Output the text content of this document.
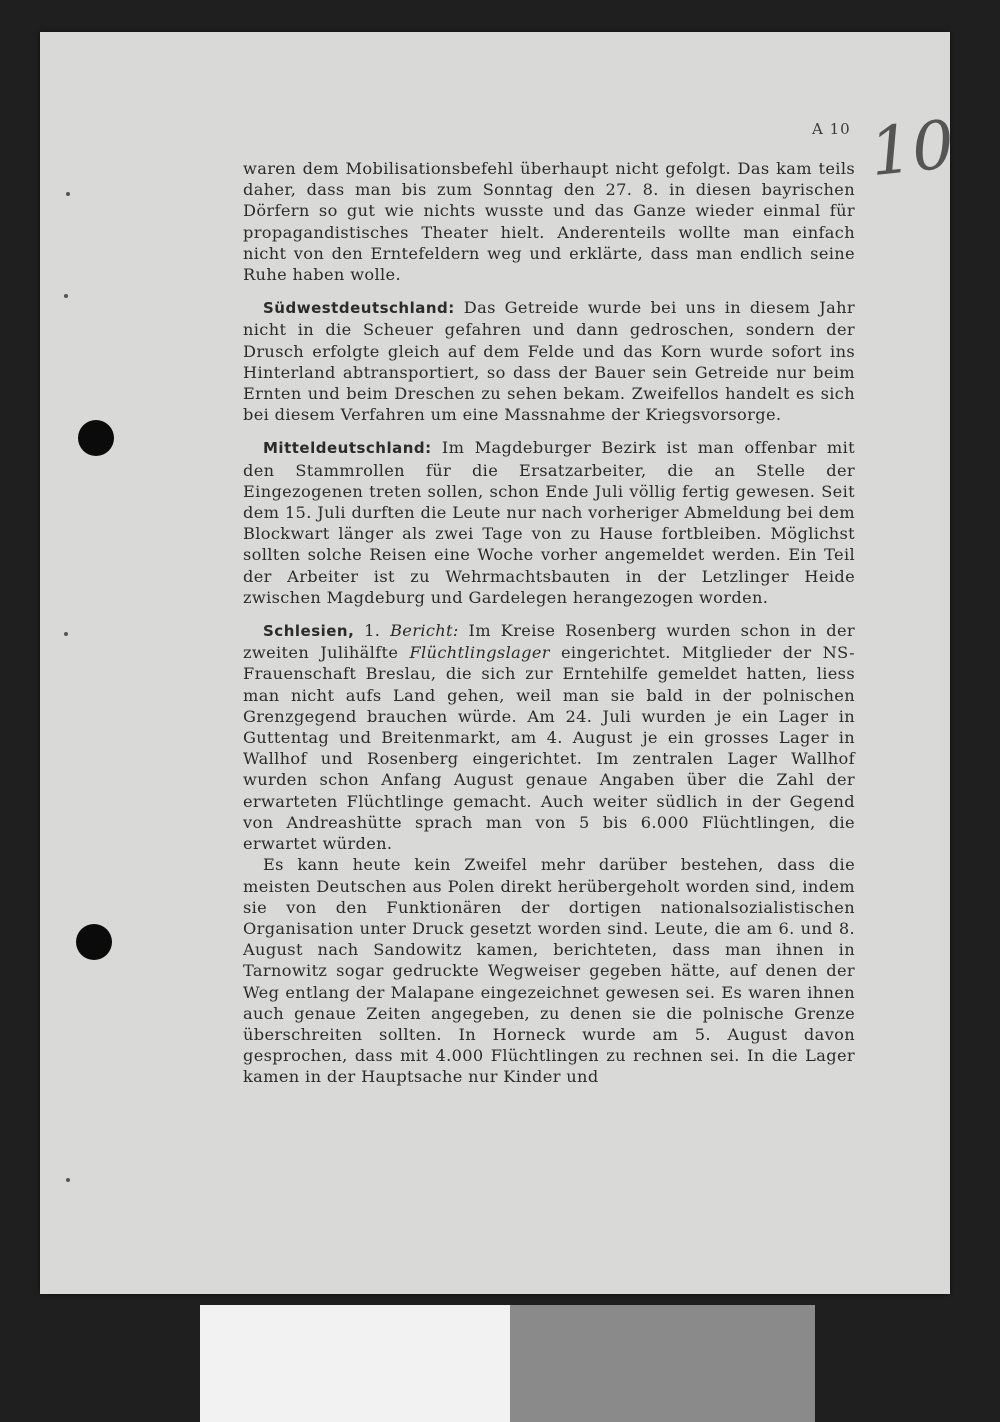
A 10 10

waren dem Mobilisationsbefehl überhaupt nicht gefolgt. Das kam teils daher, dass man bis zum Sonntag den 27. 8. in diesen bayrischen Dörfern so gut wie nichts wusste und das Ganze wieder einmal für propagandistisches Theater hielt. Anderenteils wollte man einfach nicht von den Erntefeldern weg und erklärte, dass man endlich seine Ruhe haben wolle.

Südwestdeutschland: Das Getreide wurde bei uns in diesem Jahr nicht in die Scheuer gefahren und dann gedroschen, sondern der Drusch erfolgte gleich auf dem Felde und das Korn wurde sofort ins Hinterland abtransportiert, so dass der Bauer sein Getreide nur beim Ernten und beim Dreschen zu sehen bekam. Zweifellos handelt es sich bei diesem Verfahren um eine Massnahme der Kriegsvorsorge.

Mitteldeutschland: Im Magdeburger Bezirk ist man offenbar mit den Stammrollen für die Ersatzarbeiter, die an Stelle der Eingezogenen treten sollen, schon Ende Juli völlig fertig gewesen. Seit dem 15. Juli durften die Leute nur nach vorheriger Abmeldung bei dem Blockwart länger als zwei Tage von zu Hause fortbleiben. Möglichst sollten solche Reisen eine Woche vorher angemeldet werden. Ein Teil der Arbeiter ist zu Wehrmachtsbauten in der Letzlinger Heide zwischen Magdeburg und Gardelegen herangezogen worden.

Schlesien, 1. Bericht: Im Kreise Rosenberg wurden schon in der zweiten Julihälfte Flüchtlingslager eingerichtet. Mitglieder der NS-Frauenschaft Breslau, die sich zur Erntehilfe gemeldet hatten, liess man nicht aufs Land gehen, weil man sie bald in der polnischen Grenzgegend brauchen würde. Am 24. Juli wurden je ein Lager in Guttentag und Breitenmarkt, am 4. August je ein grosses Lager in Wallhof und Rosenberg eingerichtet. Im zentralen Lager Wallhof wurden schon Anfang August genaue Angaben über die Zahl der erwarteten Flüchtlinge gemacht. Auch weiter südlich in der Gegend von Andreashütte sprach man von 5 bis 6.000 Flüchtlingen, die erwartet würden.

Es kann heute kein Zweifel mehr darüber bestehen, dass die meisten Deutschen aus Polen direkt herübergeholt worden sind, indem sie von den Funktionären der dortigen nationalsozialistischen Organisation unter Druck gesetzt worden sind. Leute, die am 6. und 8. August nach Sandowitz kamen, berichteten, dass man ihnen in Tarnowitz sogar gedruckte Wegweiser gegeben hätte, auf denen der Weg entlang der Malapane eingezeichnet gewesen sei. Es waren ihnen auch genaue Zeiten angegeben, zu denen sie die polnische Grenze überschreiten sollten. In Horneck wurde am 5. August davon gesprochen, dass mit 4.000 Flüchtlingen zu rechnen sei. In die Lager kamen in der Hauptsache nur Kinder und
